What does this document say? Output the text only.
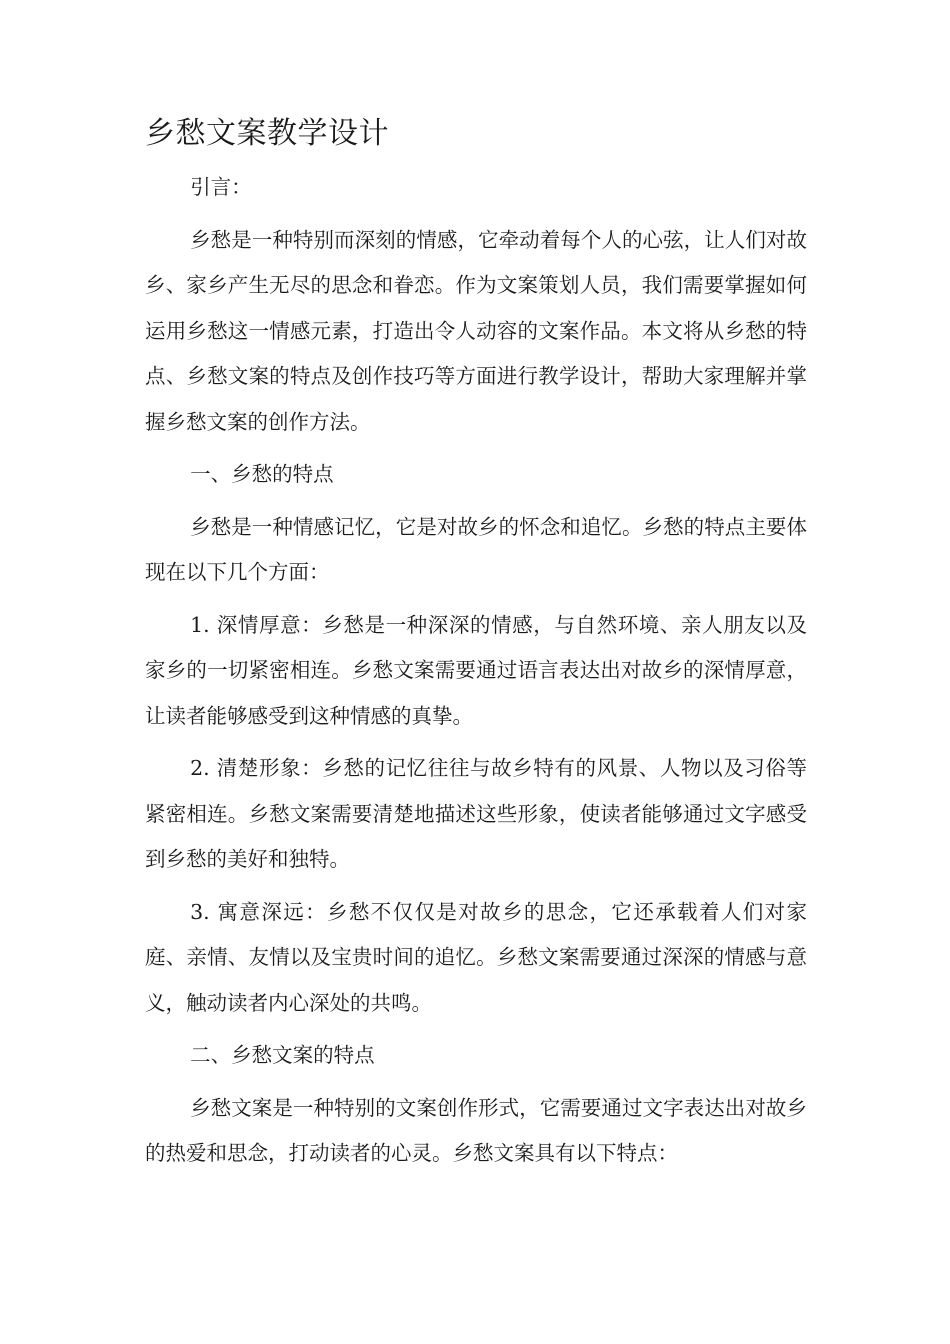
乡愁文案教学设计

引言：

乡愁是一种特别而深刻的情感，它牵动着每个人的心弦，让人们对故乡、家乡产生无尽的思念和眷恋。作为文案策划人员，我们需要掌握如何运用乡愁这一情感元素，打造出令人动容的文案作品。本文将从乡愁的特点、乡愁文案的特点及创作技巧等方面进行教学设计，帮助大家理解并掌握乡愁文案的创作方法。

一、乡愁的特点

乡愁是一种情感记忆，它是对故乡的怀念和追忆。乡愁的特点主要体现在以下几个方面：

1. 深情厚意：乡愁是一种深深的情感，与自然环境、亲人朋友以及家乡的一切紧密相连。乡愁文案需要通过语言表达出对故乡的深情厚意，让读者能够感受到这种情感的真挚。

2. 清楚形象：乡愁的记忆往往与故乡特有的风景、人物以及习俗等紧密相连。乡愁文案需要清楚地描述这些形象，使读者能够通过文字感受到乡愁的美好和独特。

3. 寓意深远：乡愁不仅仅是对故乡的思念，它还承载着人们对家庭、亲情、友情以及宝贵时间的追忆。乡愁文案需要通过深深的情感与意义，触动读者内心深处的共鸣。

二、乡愁文案的特点

乡愁文案是一种特别的文案创作形式，它需要通过文字表达出对故乡的热爱和思念，打动读者的心灵。乡愁文案具有以下特点：
